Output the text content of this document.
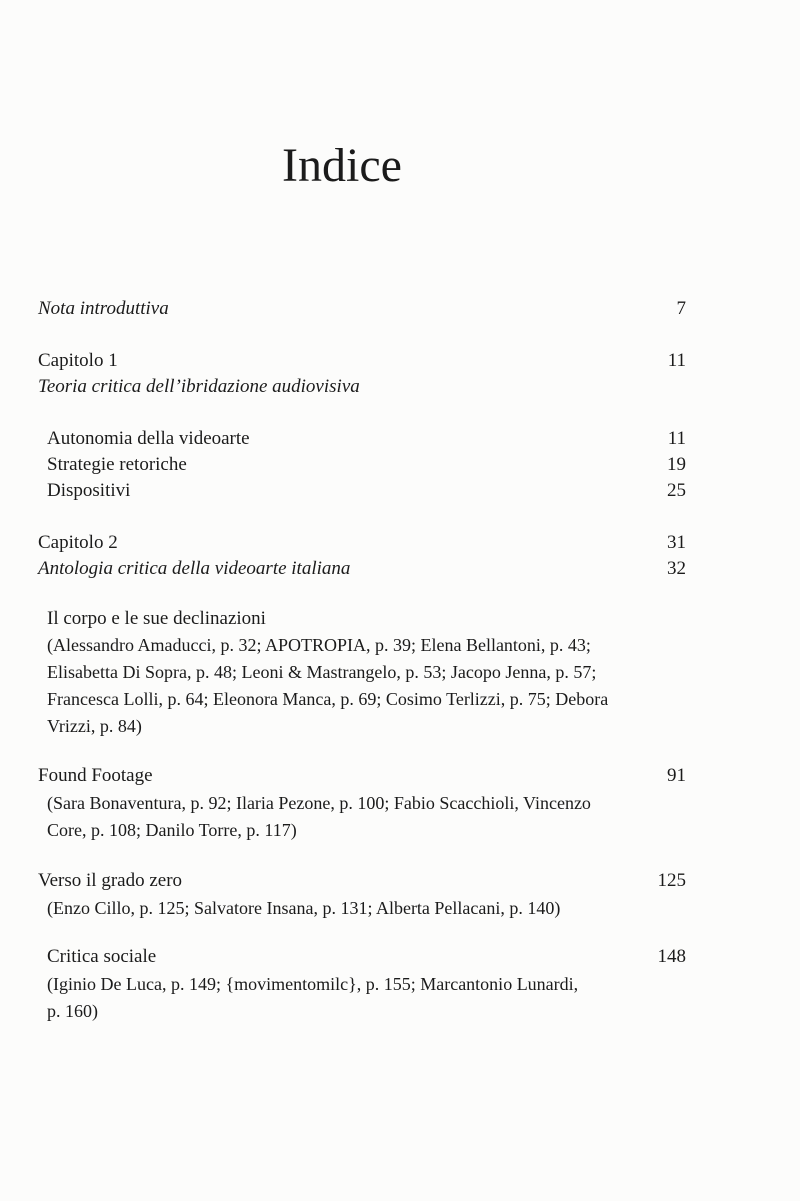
Indice
Nota introduttiva	7
Capitolo 1	11
Teoria critica dell’ibridazione audiovisiva
Autonomia della videoarte	11
Strategie retoriche	19
Dispositivi	25
Capitolo 2	31
Antologia critica della videoarte italiana	32
Il corpo e le sue declinazioni
(Alessandro Amaducci, p. 32; APOTROPIA, p. 39; Elena Bellantoni, p. 43;
Elisabetta Di Sopra, p. 48; Leoni & Mastrangelo, p. 53; Jacopo Jenna, p. 57;
Francesca Lolli, p. 64; Eleonora Manca, p. 69; Cosimo Terlizzi, p. 75; Debora
Vrizzi, p. 84)
Found Footage	91
(Sara Bonaventura, p. 92; Ilaria Pezone, p. 100; Fabio Scacchioli, Vincenzo
Core, p. 108; Danilo Torre, p. 117)
Verso il grado zero	125
(Enzo Cillo, p. 125; Salvatore Insana, p. 131; Alberta Pellacani, p. 140)
Critica sociale	148
(Iginio De Luca, p. 149; {movimentomilc}, p. 155; Marcantonio Lunardi,
p. 160)
